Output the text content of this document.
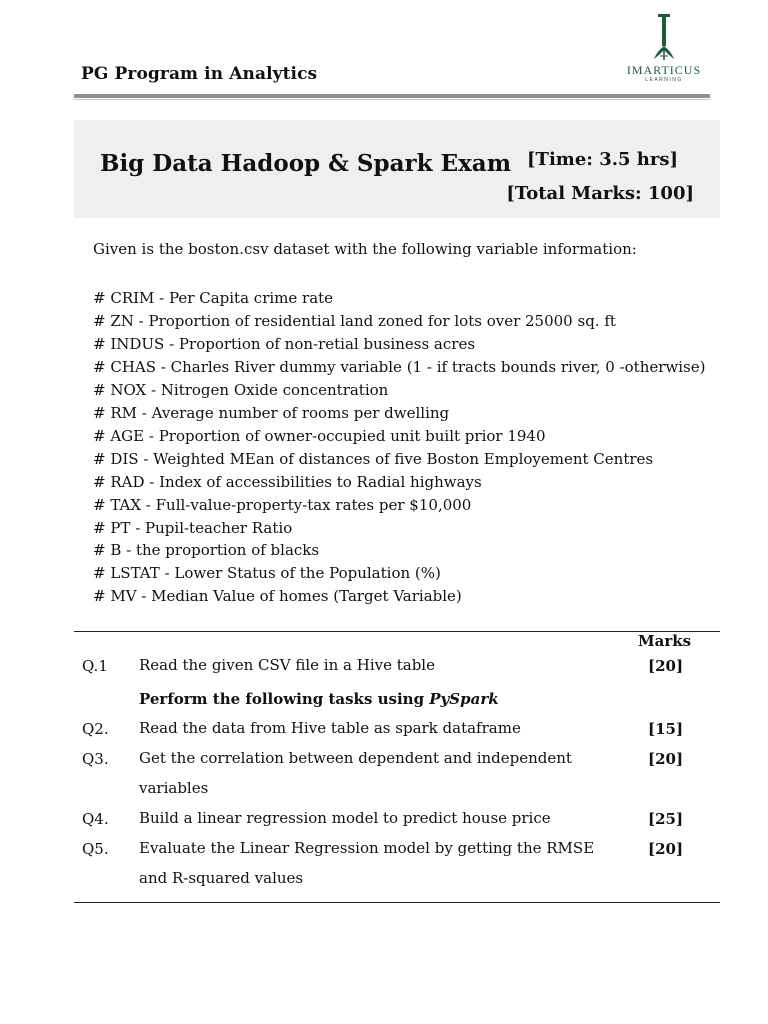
PG Program in Analytics	IMARTICUS
LEARNING
Big Data Hadoop & Spark Exam [Time: 3.5 hrs]
[Total Marks: 100]
Given is the boston.csv dataset with the following variable information:
# CRIM - Per Capita crime rate
# ZN - Proportion of residential land zoned for lots over 25000 sq. ft
# INDUS - Proportion of non-retial business acres
# CHAS - Charles River dummy variable (1 - if tracts bounds river, 0 -otherwise)
# NOX - Nitrogen Oxide concentration
# RM - Average number of rooms per dwelling
# AGE - Proportion of owner-occupied unit built prior 1940
# DIS - Weighted MEan of distances of five Boston Employement Centres
# RAD - Index of accessibilities to Radial highways
# TAX - Full-value-property-tax rates per $10,000
# PT - Pupil-teacher Ratio
# B - the proportion of blacks
# LSTAT - Lower Status of the Population (%)
# MV - Median Value of homes (Target Variable)
Marks
Q.1 Read the given CSV file in a Hive table	[20]
Perform the following tasks using PySpark
Q2. Read the data from Hive table as spark dataframe	[15]
Q3. Get the correlation between dependent and independent variables
[20]
Q4. Build a linear regression model to predict house price	[25]
Q5. Evaluate the Linear Regression model by getting the RMSE and R-squared values
[20]
